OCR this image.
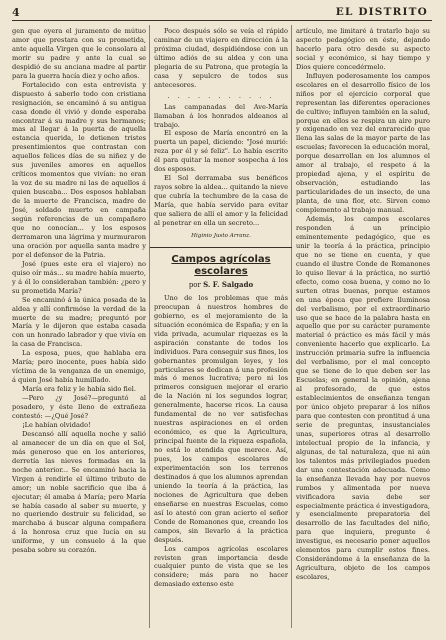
4	EL DISTRITO

gen que oyera el juramento de mútuo amor que prestara con su prometida, ante aquella Virgen que le consolara al morir su padre y ante la cual se despidió de su anciana madre al partir para la guerra hacía diez y ocho años.

Fortalecido con esta entrevista y dispuesto á saberlo todo con cristiana resignación, se encaminó á su antigua casa donde él vivió y donde esperaba encontrar á su madre y sus hermanos; mas al llegar á la puerta de aquella estancia querida, le detienen tristes presentimientos que contrastan con aquellos felices días de su niñez y de sus juveniles amores en aquellos críticos momentos que vivían: no eran la voz de su madre ni las de aquellos á quien buscaba... Dos esposos hablaban de la muerte de Francisca, madre de José, soldado muerto en campaña según referencias de un compañero que no conocían... y los esposos derramaron una lágrima y murmuraron una oración por aquella santa madre y por el defensor de la Patria.

José (pues este era el viajero) no quiso oír más... su madre había muerto, y á él lo consideraban también: ¿pero y su prometida María?

Se encaminó á la única posada de la aldea y allí confirmóse la verdad de la muerte de su madre; preguntó por María y le dijeron que estaba casada con un honrado labrador y que vivía en la casa de Francisca.

La esposa, pues, que hablaba era María; pero inocente, pues había sido víctima de la venganza de un enemigo, á quien José había humillado.

María era feliz y le había sido fiel.

—Pero ¿y José?—preguntó al posadero, y éste lleno de extrañeza contestó: —¿Qué José?

¡Le habían olvidado!

Descansó allí aquella noche y salió al amanecer de un día en que el Sol, más generoso que en los anteriores, derretía las nieves formadas en la noche anterior... Se encaminó hacia la Virgen á rendirle el último tributo de amor; un noble sacrificio que iba á ejecutar; él amaba á María; pero María se había casado al saber su muerte, y no queriendo destruir su felicidad, se marchaba á buscar alguna compañera á la honrosa cruz que lucía en su uniforme, y un consuelo á la que pesaba sobre su corazón.

Poco después sólo se veía el rápido caminar de un viajero en dirección á la próxima ciudad, despidiéndose con un último adiós de su aldea y con una plegaria de su Patrona, que protegía la casa y sepulcro de todos sus antecesores.

. . . . . . . . . . .

Las campanadas del Ave-María llamaban á los honrados aldeanos al trabajo.

El esposo de María encontró en la puerta un papel, diciendo: "José murió: reza por él y sé feliz". Lo había escrito él para quitar la menor sospecha á los dos esposos.

El Sol derramaba sus benéficos rayos sobre la aldea... quitando la nieve que cubría la techumbre de la casa de María, que había servido para evitar que saliera de allí el amor y la felicidad al penetrar en ella un secreto...

Higinio Justo Arranz.

Campos agrícolas escolares

por S. F. Salgado

Uno de los problemas que más preocupan á nuestros hombres de gobierno, es el mejoramiento de la situación económica de España; y en la vida privada, acumular riquezas es la aspiración constante de todos los individuos. Para conseguir sus fines, los gobernantes promulgan leyes, y los particulares se dedican á una profesión más ó menos lucrativa; pero ni los primeros consiguen mejorar el erario de la Nación ni los segundos lograr, generalmente, hacerse ricos. La causa fundamental de no ver satisfechas nuestras aspiraciones en el orden económico, es que la Agricultura, principal fuente de la riqueza española, no está lo atendida que merece. Así, pues, los campos escolares de experimentación son los terrenos destinados á que los alumnos aprendan uniendo la teoría á la práctica, las nociones de Agricultura que deben enseñarse en nuestras Escuelas, como así lo atestó con gran acierto el señor Conde de Romanones que, creando los campos, sin llevarlo á la práctica después.

Los campos agrícolas escolares revisten gran importancia desde cualquier punto de vista que se les considere; más para no hacer demasiado extenso este

artículo, me limitaré á tratarlo bajo su aspecto pedagógico en éste, dejando hacerlo para otro desde su aspecto social y económico, si hay tiempo y Dios quiere concedérmelo.

Influyen poderosamente los campos escolares en el desarrollo físico de los niños por el ejercicio corporal que representan las diferentes operaciones de cultivo; influyen también en la salud, porque en ellos se respira un aire puro y oxigenado en vez del enrarecido que llena las salas de la mayor parte de las escuelas; favorecen la educación moral, porque desarrollan en los alumnos el amor al trabajo, el respeto á la propiedad ajena, y el espíritu de observación, estudiando las particularidades de un insecto, de una planta, de una flor, etc. Sirven como complemento al trabajo manual.

Además, los campos escolares responden á un principio eminentemente pedagógico, que es unir la teoría á la práctica, principio que no se tiene en cuenta, y que cuando el ilustre Conde de Romanones lo quiso llevar á la práctica, no surtió efecto, como cosa buena, y como no lo surten otras buenas, porque estamos en una época que prefiere lluminosa del verbalismo, por el extraordinario uso que se hace de la palabra hasta en aquello que por su carácter puramente material ó práctico es más fácil y más conveniente hacerlo que explicarlo. La instrucción primaria sufre la influencia del verbalismo, por el mal concepto que se tiene de lo que deben ser las Escuelas; en general la opinión, ajena al profesorado, de que estos establecimientos de enseñanza tengan por único objeto preparar á los niños para que contesten con prontitud á una serie de preguntas, insustanciales unas, superiores otras al desarrollo intelectual propio de la infancia, y algunas, de tal naturaleza, que ni aún los talentos más privilegiados pueden dar una contestación adecuada. Como la enseñanza llevada hay por nuevos rumbos y alimentada por nueva vivificadora savia debe ser especialmente práctica é investigadora, y esencialmente preparatoria del desarrollo de las facultades del niño, para que inquiera, pregunte é investigue, es necesario poner aquellos elementos para cumplir estos fines. Considerándome á la enseñanza de la Agricultura, objeto de los campos escolares,
